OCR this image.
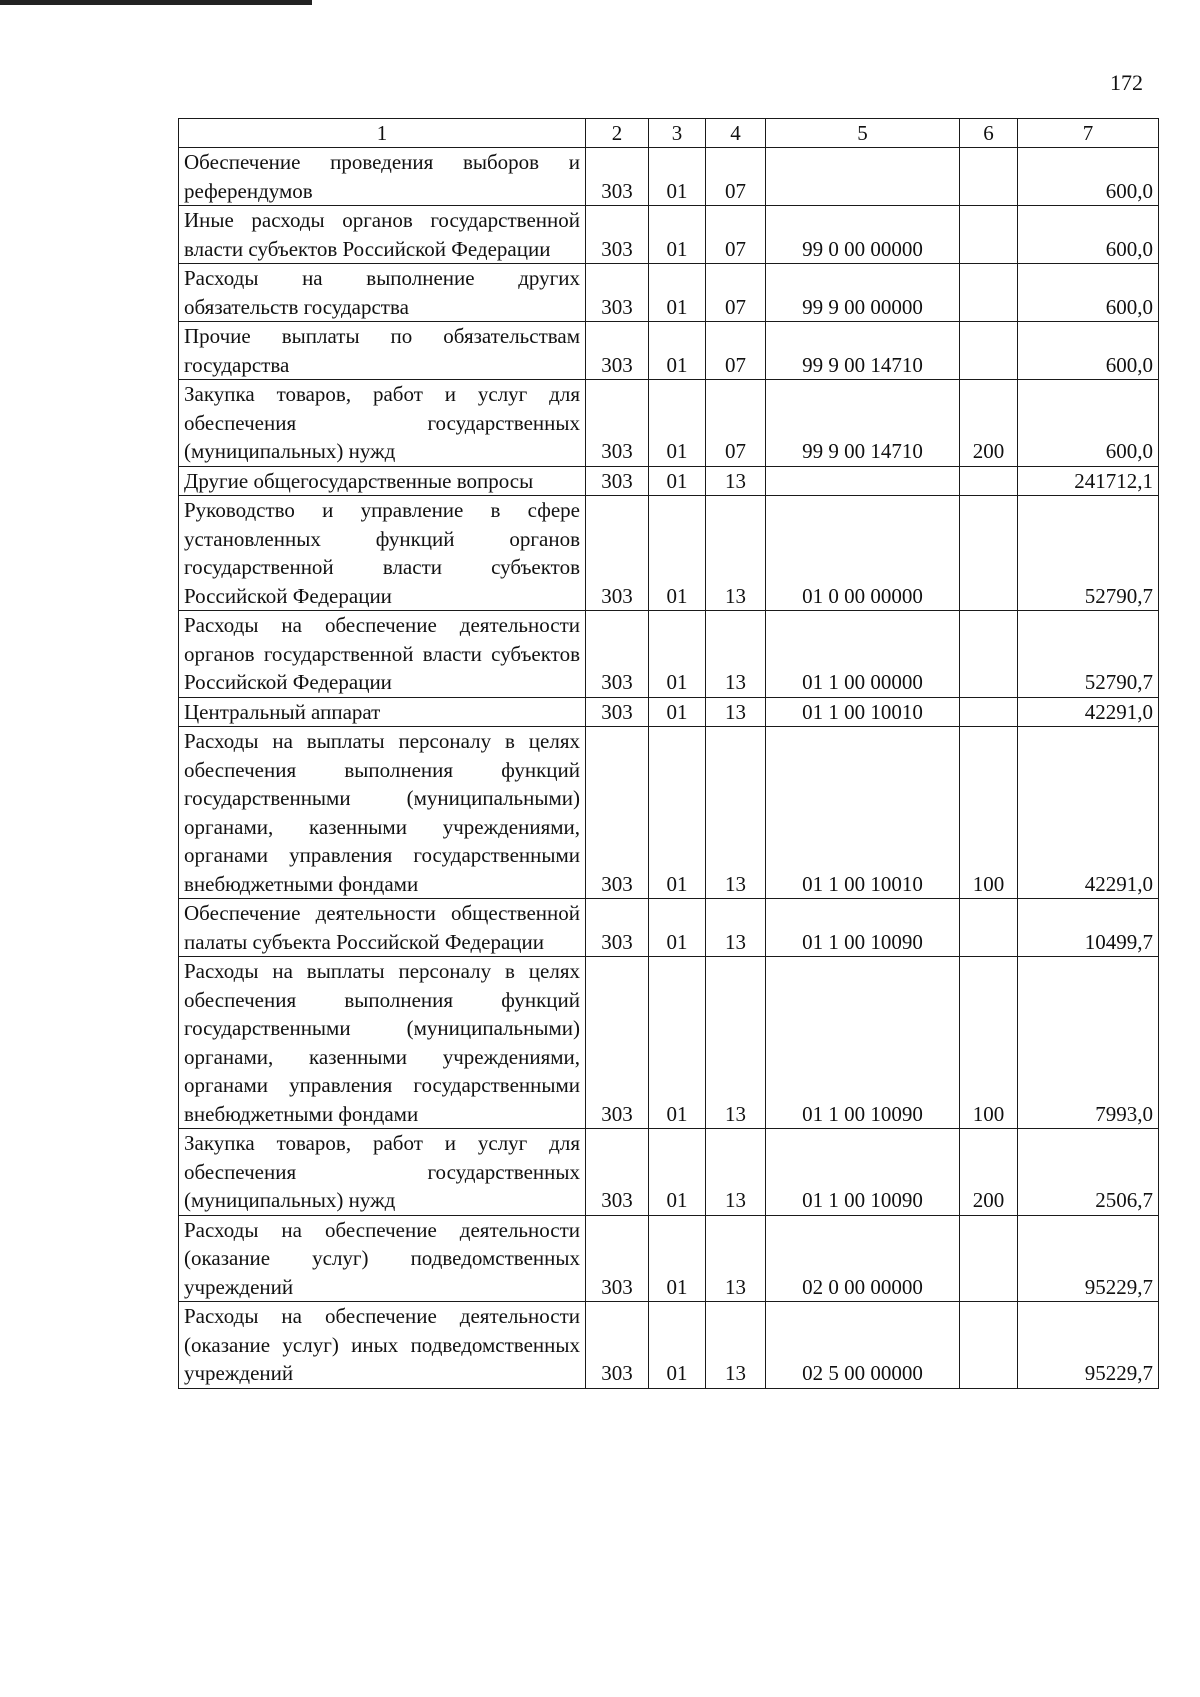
172
1	2	3	4	5	6	7
Обеспечение проведения выборов и референдумов	303	01	07			600,0
Иные расходы органов государственной власти субъектов Российской Федерации	303	01	07	99 0 00 00000		600,0
Расходы на выполнение других обязательств государства	303	01	07	99 9 00 00000		600,0
Прочие выплаты по обязательствам государства	303	01	07	99 9 00 14710		600,0
Закупка товаров, работ и услуг для обеспечения государственных (муниципальных) нужд	303	01	07	99 9 00 14710	200	600,0
Другие общегосударственные вопросы	303	01	13			241712,1
Руководство и управление в сфере установленных функций органов государственной власти субъектов Российской Федерации	303	01	13	01 0 00 00000		52790,7
Расходы на обеспечение деятельности органов государственной власти субъектов Российской Федерации	303	01	13	01 1 00 00000		52790,7
Центральный аппарат	303	01	13	01 1 00 10010		42291,0
Расходы на выплаты персоналу в целях обеспечения выполнения функций государственными (муниципальными) органами, казенными учреждениями, органами управления государственными внебюджетными фондами	303	01	13	01 1 00 10010	100	42291,0
Обеспечение деятельности общественной палаты субъекта Российской Федерации	303	01	13	01 1 00 10090		10499,7
Расходы на выплаты персоналу в целях обеспечения выполнения функций государственными (муниципальными) органами, казенными учреждениями, органами управления государственными внебюджетными фондами	303	01	13	01 1 00 10090	100	7993,0
Закупка товаров, работ и услуг для обеспечения государственных (муниципальных) нужд	303	01	13	01 1 00 10090	200	2506,7
Расходы на обеспечение деятельности (оказание услуг) подведомственных учреждений	303	01	13	02 0 00 00000		95229,7
Расходы на обеспечение деятельности (оказание услуг) иных подведомственных учреждений	303	01	13	02 5 00 00000		95229,7
